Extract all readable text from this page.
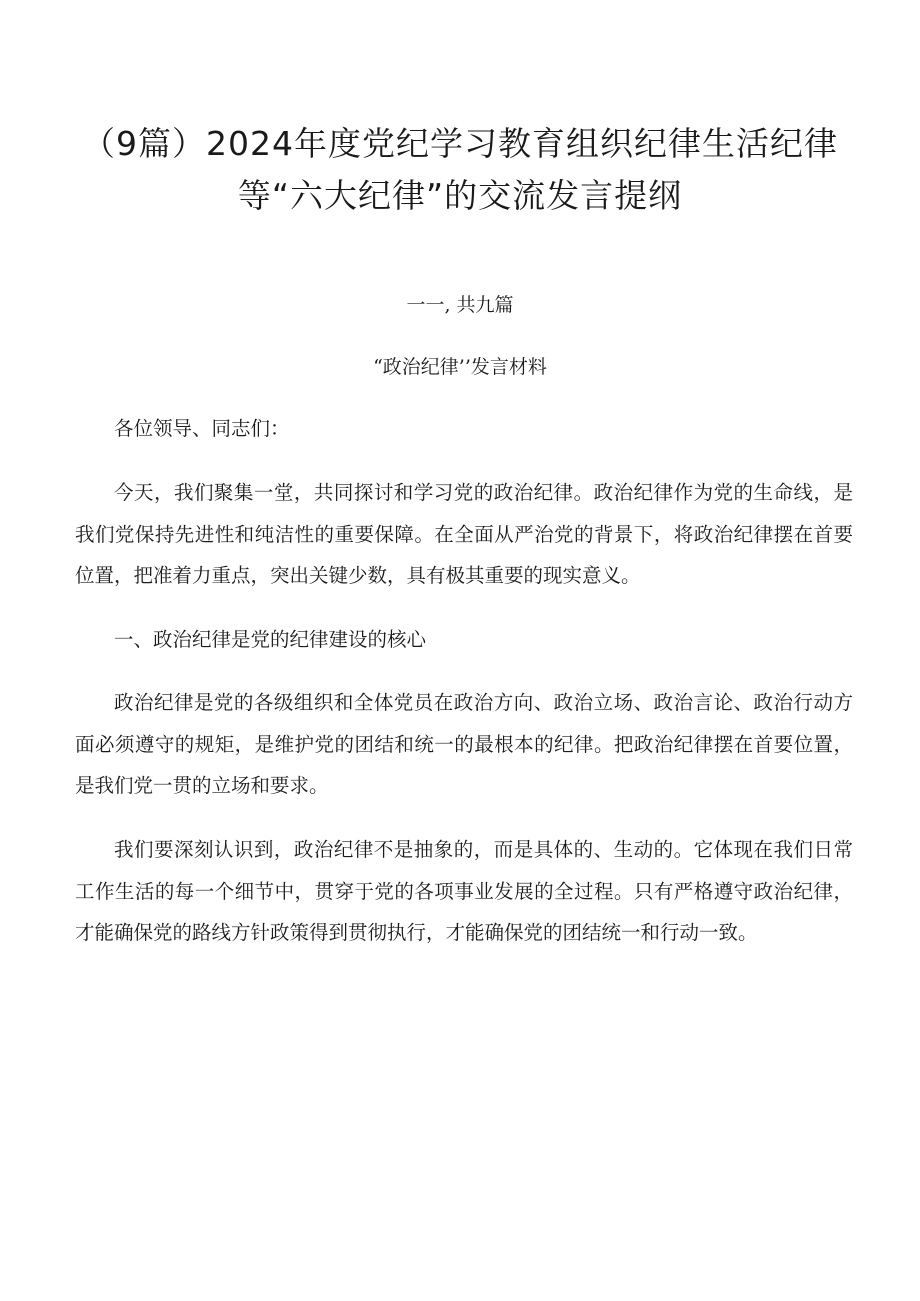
（9篇）2024年度党纪学习教育组织纪律生活纪律
等“六大纪律”的交流发言提纲
一一, 共九篇
“政治纪律’’发言材料

各位领导、同志们：

今天，我们聚集一堂，共同探讨和学习党的政治纪律。政治纪律作为党的生命线，是我们党保持先进性和纯洁性的重要保障。在全面从严治党的背景下，将政治纪律摆在首要位置，把准着力重点，突出关键少数，具有极其重要的现实意义。

一、政治纪律是党的纪律建设的核心

政治纪律是党的各级组织和全体党员在政治方向、政治立场、政治言论、政治行动方面必须遵守的规矩，是维护党的团结和统一的最根本的纪律。把政治纪律摆在首要位置，是我们党一贯的立场和要求。

我们要深刻认识到，政治纪律不是抽象的，而是具体的、生动的。它体现在我们日常工作生活的每一个细节中，贯穿于党的各项事业发展的全过程。只有严格遵守政治纪律，才能确保党的路线方针政策得到贯彻执行，才能确保党的团结统一和行动一致。
